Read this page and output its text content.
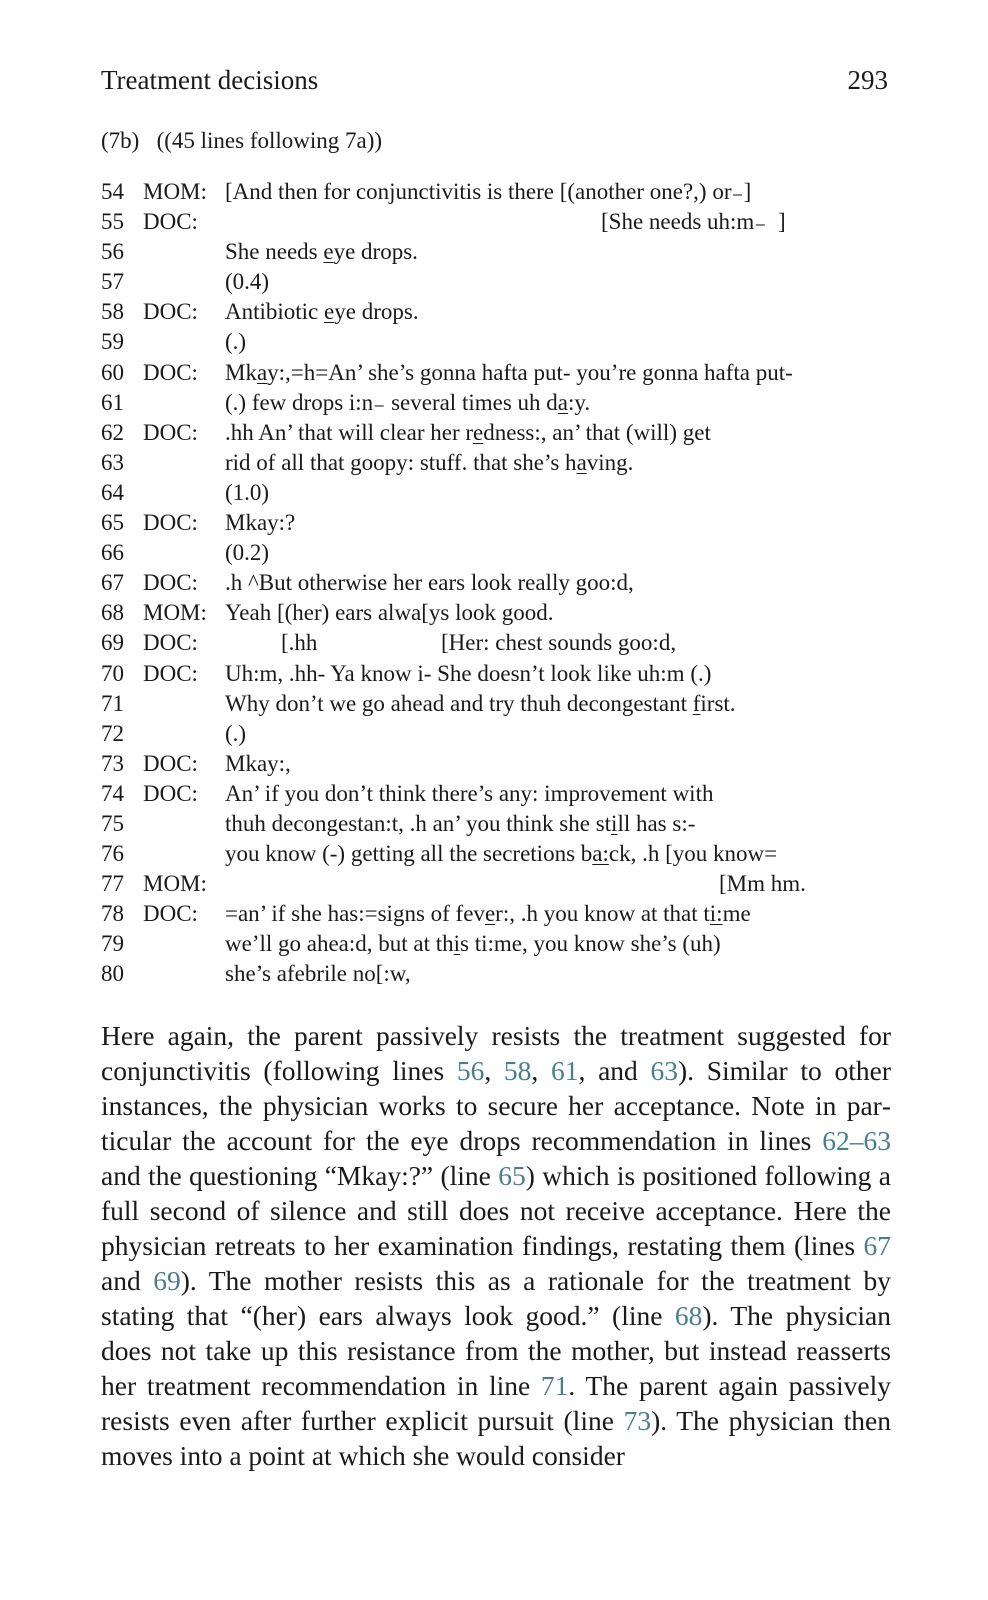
Treatment decisions	293
(7b)   ((45 lines following 7a))
54 MOM: [And then for conjunctivitis is there [(another one?,) or₋]
55 DOC:	[She needs uh:m₋  ]
56	She needs eye drops.
57	(0.4)
58 DOC: Antibiotic eye drops.
59	(.)
60 DOC: Mkay:,=h=An’ she’s gonna hafta put- you’re gonna hafta put-
61	(.) few drops i:n₋ several times uh da:y.
62 DOC: .hh An’ that will clear her redness:, an’ that (will) get
63	rid of all that goopy: stuff. that she’s having.
64	(1.0)
65 DOC: Mkay:?
66	(0.2)
67 DOC: .h ^But otherwise her ears look really goo:d,
68 MOM: Yeah [(her) ears alwa[ys look good.
69 DOC:	[.hh	[Her: chest sounds goo:d,
70 DOC: Uh:m, .hh- Ya know i- She doesn’t look like uh:m (.)
71	Why don’t we go ahead and try thuh decongestant first.
72	(.)
73 DOC: Mkay:,
74 DOC: An’ if you don’t think there’s any: improvement with
75	thuh decongestan:t, .h an’ you think she still has s:-
76	you know (-) getting all the secretions ba:ck, .h [you know=
77 MOM:	[Mm hm.
78 DOC: =an’ if she has:=signs of fever:, .h you know at that ti:me
79	we’ll go ahea:d, but at this ti:me, you know she’s (uh)
80	she’s afebrile no[:w,

Here again, the parent passively resists the treatment suggested for conjunctivitis (following lines 56, 58, 61, and 63). Similar to other instances, the physician works to secure her acceptance. Note in particular the account for the eye drops recommendation in lines 62–63 and the questioning “Mkay:?” (line 65) which is positioned following a full second of silence and still does not receive acceptance. Here the physician retreats to her examination findings, restating them (lines 67 and 69). The mother resists this as a rationale for the treatment by stating that “(her) ears always look good.” (line 68). The physician does not take up this resistance from the mother, but instead reasserts her treatment recommendation in line 71. The parent again passively resists even after further explicit pursuit (line 73). The physician then moves into a point at which she would consider
